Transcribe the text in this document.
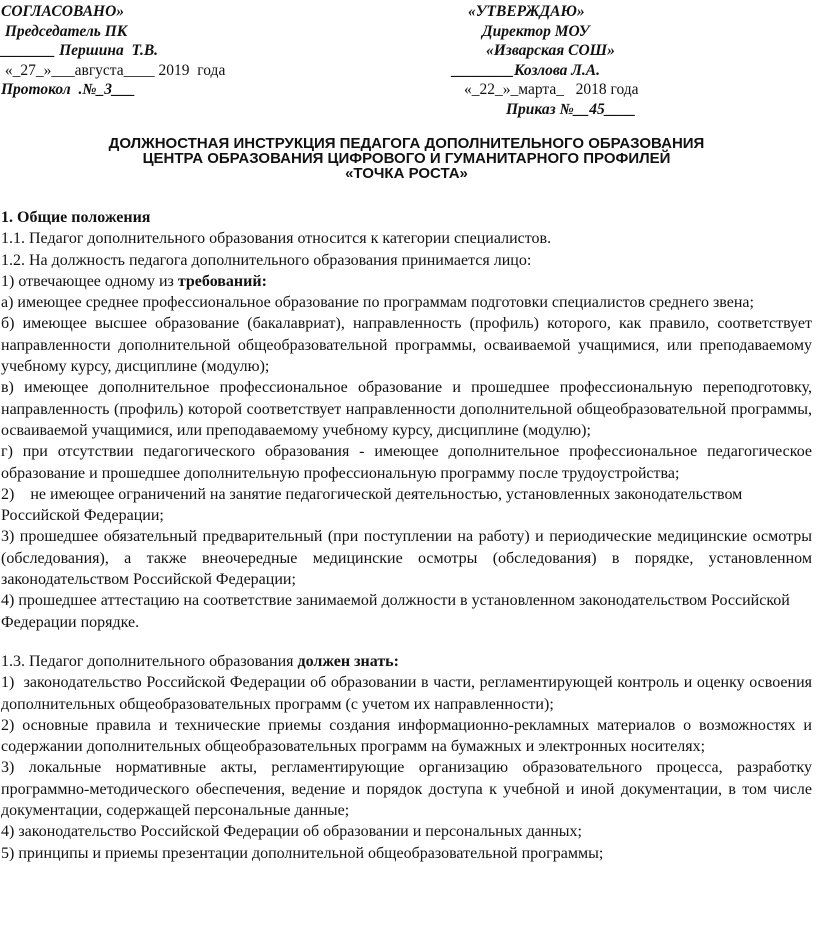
СОГЛАСОВАНО»
Председатель ПК
_______ Першина  Т.В.
«_27_»___августа____ 2019  года
Протокол  .№_3___
«УТВЕРЖДАЮ»
Директор МОУ
«Изварская СОШ»
________Козлова Л.А.
«_22_»_марта_   2018 года
Приказ №__45____
ДОЛЖНОСТНАЯ ИНСТРУКЦИЯ ПЕДАГОГА ДОПОЛНИТЕЛЬНОГО ОБРАЗОВАНИЯ
ЦЕНТРА ОБРАЗОВАНИЯ ЦИФРОВОГО И ГУМАНИТАРНОГО ПРОФИЛЕЙ
«ТОЧКА РОСТА»

1. Общие положения

1.1. Педагог дополнительного образования относится к категории специалистов.

1.2. На должность педагога дополнительного образования принимается лицо:

1) отвечающее одному из требований:

а) имеющее среднее профессиональное образование по программам подготовки специалистов среднего звена;

б) имеющее высшее образование (бакалавриат), направленность (профиль) которого, как правило, соответствует направленности дополнительной общеобразовательной программы, осваиваемой учащимися, или преподаваемому учебному курсу, дисциплине (модулю);

в) имеющее дополнительное профессиональное образование и прошедшее профессиональную переподготовку, направленность (профиль) которой соответствует направленности дополнительной общеобразовательной программы, осваиваемой учащимися, или преподаваемому учебному курсу, дисциплине (модулю);

г) при отсутствии педагогического образования - имеющее дополнительное профессиональное педагогическое образование и прошедшее дополнительную профессиональную программу после трудоустройства;

2)    не имеющее ограничений на занятие педагогической деятельностью, установленных законодательством Российской Федерации;

3) прошедшее обязательный предварительный (при поступлении на работу) и периодические медицинские осмотры (обследования), а также внеочередные медицинские осмотры (обследования) в порядке, установленном законодательством Российской Федерации;

4) прошедшее аттестацию на соответствие занимаемой должности в установленном законодательством Российской Федерации порядке.

1.3. Педагог дополнительного образования должен знать:

1)  законодательство Российской Федерации об образовании в части, регламентирующей контроль и оценку освоения дополнительных общеобразовательных программ (с учетом их направленности);

2) основные правила и технические приемы создания информационно-рекламных материалов о возможностях и содержании дополнительных общеобразовательных программ на бумажных и электронных носителях;

3) локальные нормативные акты, регламентирующие организацию образовательного процесса, разработку программно-методического обеспечения, ведение и порядок доступа к учебной и иной документации, в том числе документации, содержащей персональные данные;

4) законодательство Российской Федерации об образовании и персональных данных;

5) принципы и приемы презентации дополнительной общеобразовательной программы;
